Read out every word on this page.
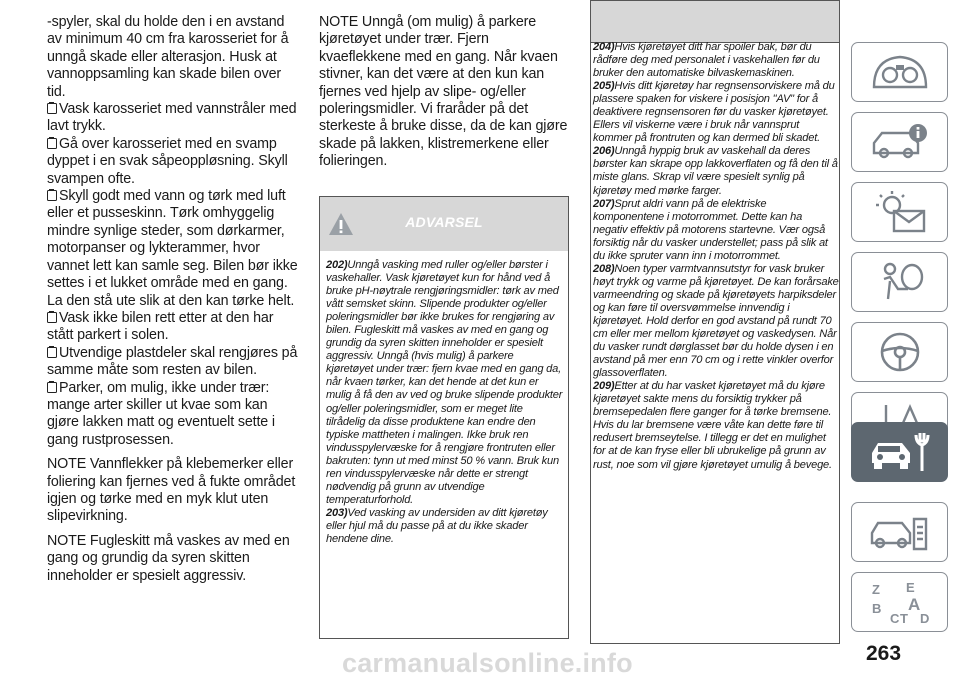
-spyler, skal du holde den i en avstand av minimum 40 cm fra karosseriet for å unngå skade eller alterasjon. Husk at vannoppsamling kan skade bilen over tid.

Vask karosseriet med vannstråler med lavt trykk.

Gå over karosseriet med en svamp dyppet i en svak såpeoppløsning. Skyll svampen ofte.

Skyll godt med vann og tørk med luft eller et pusseskinn. Tørk omhyggelig mindre synlige steder, som dørkarmer, motorpanser og lykterammer, hvor vannet lett kan samle seg. Bilen bør ikke settes i et lukket område med en gang. La den stå ute slik at den kan tørke helt.

Vask ikke bilen rett etter at den har stått parkert i solen.

Utvendige plastdeler skal rengjøres på samme måte som resten av bilen.

Parker, om mulig, ikke under trær: mange arter skiller ut kvae som kan gjøre lakken matt og eventuelt sette i gang rustprosessen.

NOTE Vannflekker på klebemerker eller foliering kan fjernes ved å fukte området igjen og tørke med en myk klut uten slipevirkning.

NOTE Fugleskitt må vaskes av med en gang og grundig da syren skitten inneholder er spesielt aggressiv.

NOTE Unngå (om mulig) å parkere kjøretøyet under trær. Fjern kvaeflekkene med en gang. Når kvaen stivner, kan det være at den kun kan fjernes ved hjelp av slipe- og/eller poleringsmidler. Vi fraråder på det sterkeste å bruke disse, da de kan gjøre skade på lakken, klistremerkene eller folieringen.

ADVARSEL

202)Unngå vasking med ruller og/eller børster i vaskehaller. Vask kjøretøyet kun for hånd ved å bruke pH-nøytrale rengjøringsmidler: tørk av med vått semsket skinn. Slipende produkter og/eller poleringsmidler bør ikke brukes for rengjøring av bilen. Fugleskitt må vaskes av med en gang og grundig da syren skitten inneholder er spesielt aggressiv. Unngå (hvis mulig) å parkere kjøretøyet under trær: fjern kvae med en gang da, når kvaen tørker, kan det hende at det kun er mulig å få den av ved og bruke slipende produkter og/eller poleringsmidler, som er meget lite tilrådelig da disse produktene kan endre den typiske mattheten i malingen. Ikke bruk ren vindusspylervæske for å rengjøre frontruten eller bakruten: tynn ut med minst 50 % vann. Bruk kun ren vindusspylervæske når dette er strengt nødvendig på grunn av utvendige temperaturforhold.

203)Ved vasking av undersiden av ditt kjøretøy eller hjul må du passe på at du ikke skader hendene dine.

204)Hvis kjøretøyet ditt har spoiler bak, bør du rådføre deg med personalet i vaskehallen før du bruker den automatiske bilvaskemaskinen.

205)Hvis ditt kjøretøy har regnsensorviskere må du plassere spaken for viskere i posisjon "AV" for å deaktivere regnsensoren før du vasker kjøretøyet. Ellers vil viskerne være i bruk når vannsprut kommer på frontruten og kan dermed bli skadet.

206)Unngå hyppig bruk av vaskehall da deres børster kan skrape opp lakkoverflaten og få den til å miste glans. Skrap vil være spesielt synlig på kjøretøy med mørke farger.

207)Sprut aldri vann på de elektriske komponentene i motorrommet. Dette kan ha negativ effektiv på motorens startevne. Vær også forsiktig når du vasker understellet; pass på slik at du ikke spruter vann inn i motorrommet.

208)Noen typer varmtvannsutstyr for vask bruker høyt trykk og varme på kjøretøyet. De kan forårsake varmeendring og skade på kjøretøyets harpiksdeler og kan føre til oversvømmelse innvendig i kjøretøyet. Hold derfor en god avstand på rundt 70 cm eller mer mellom kjøretøyet og vaskedysen. Når du vasker rundt dørglasset bør du holde dysen i en avstand på mer enn 70 cm og i rette vinkler overfor glassoverflaten.

209)Etter at du har vasket kjøretøyet må du kjøre kjøretøyet sakte mens du forsiktig trykker på bremsepedalen flere ganger for å tørke bremsene. Hvis du lar bremsene være våte kan dette føre til redusert bremseytelse. I tillegg er det en mulighet for at de kan fryse eller bli ubrukelige på grunn av rust, noe som vil gjøre kjøretøyet umulig å bevege.

Z E
B A
C T D
carmanualsonline.info	263
